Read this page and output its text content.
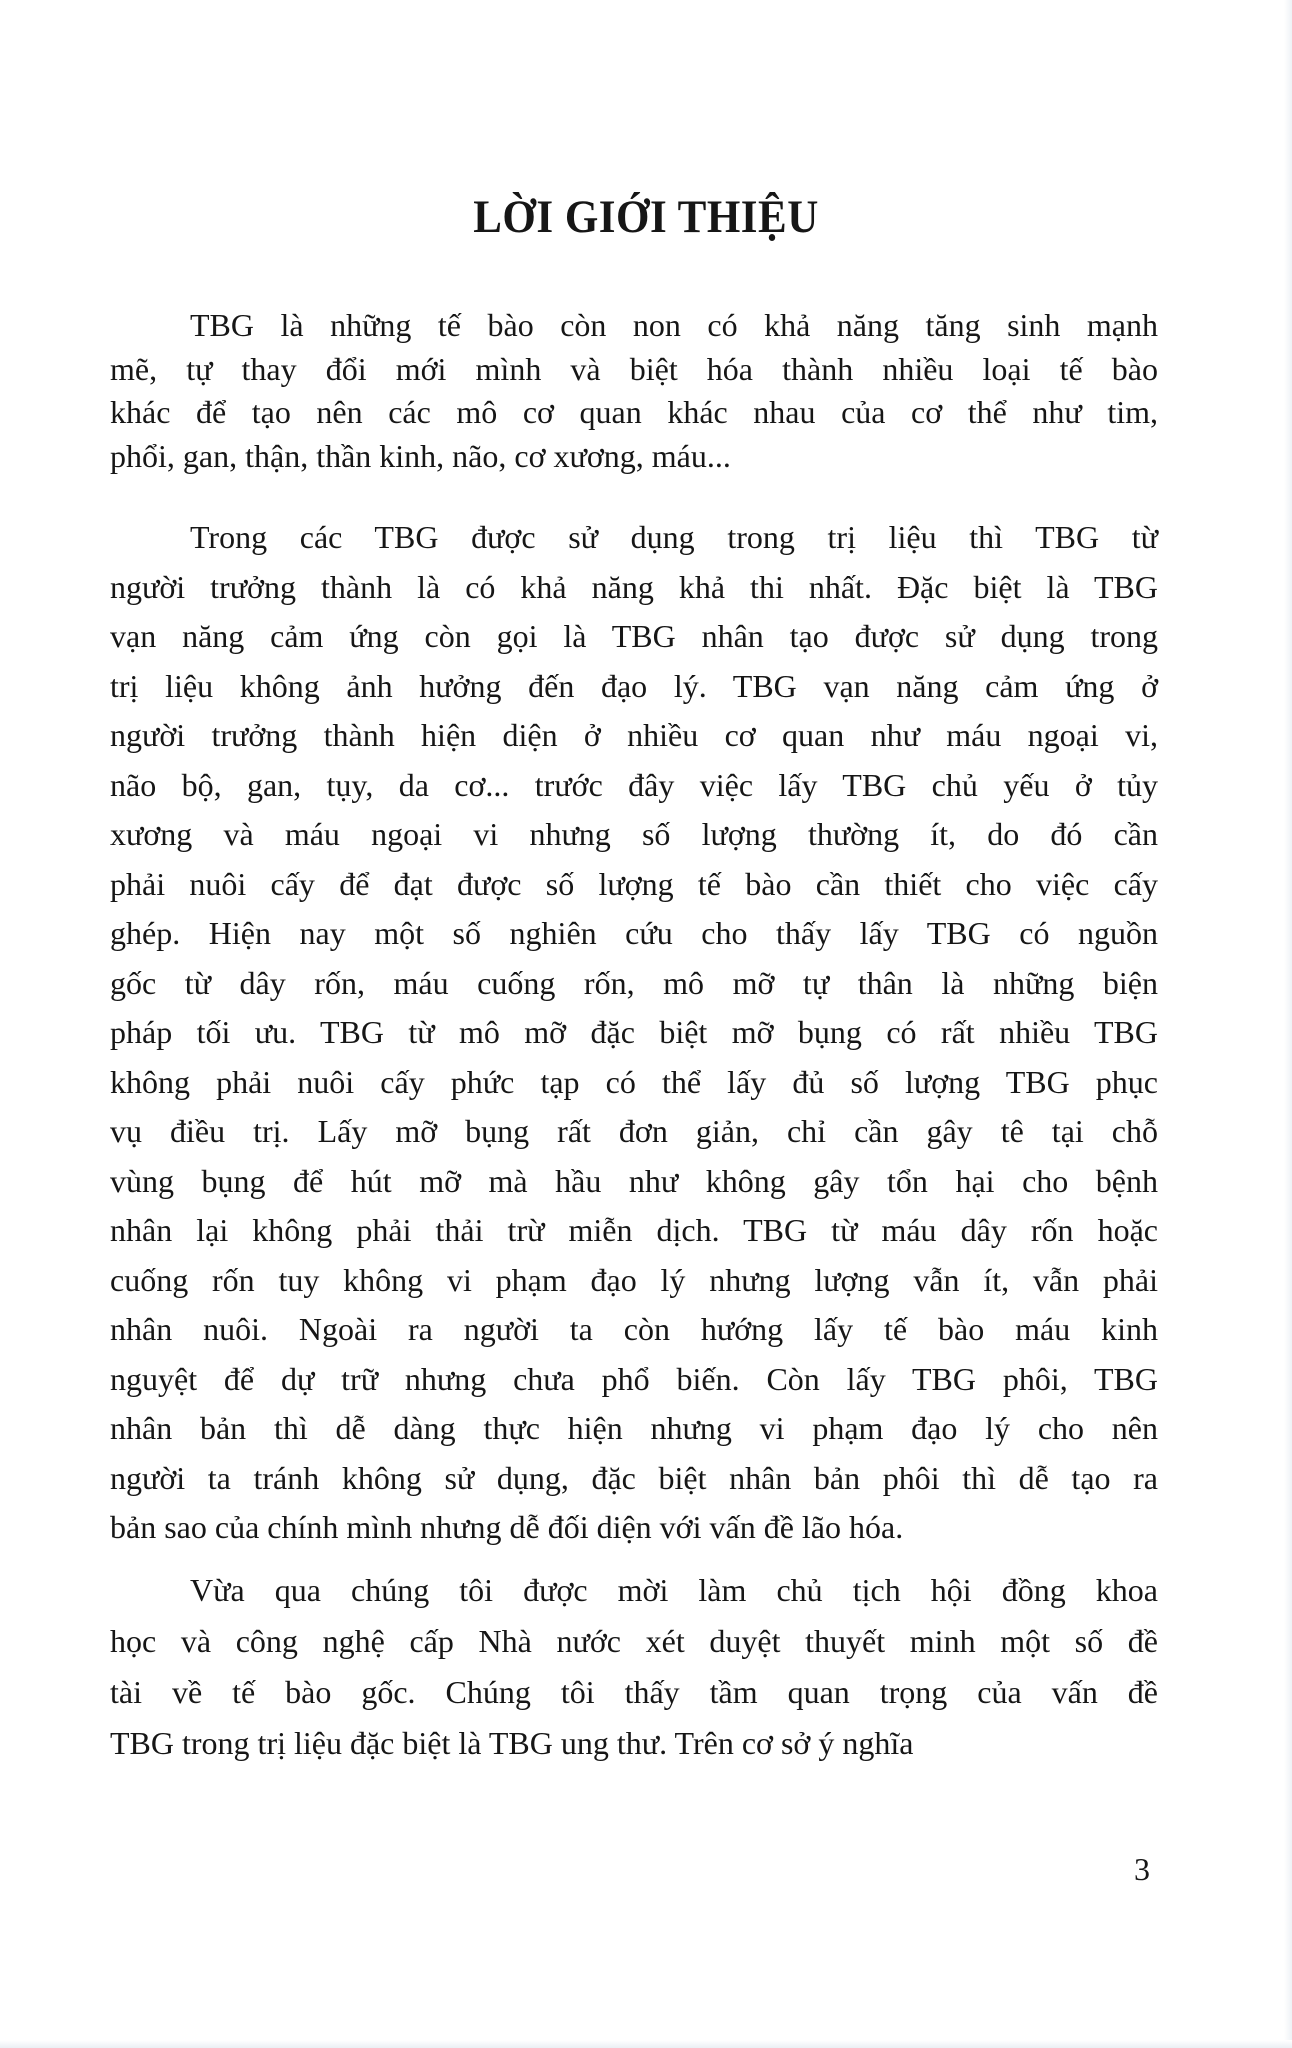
LỜI GIỚI THIỆU
TBG là những tế bào còn non có khả năng tăng sinh mạnh
mẽ, tự thay đổi mới mình và biệt hóa thành nhiều loại tế bào
khác để tạo nên các mô cơ quan khác nhau của cơ thể như tim,
phổi, gan, thận, thần kinh, não, cơ xương, máu...
Trong các TBG được sử dụng trong trị liệu thì TBG từ
người trưởng thành là có khả năng khả thi nhất. Đặc biệt là TBG
vạn năng cảm ứng còn gọi là TBG nhân tạo được sử dụng trong
trị liệu không ảnh hưởng đến đạo lý. TBG vạn năng cảm ứng ở
người trưởng thành hiện diện ở nhiều cơ quan như máu ngoại vi,
não bộ, gan, tụy, da cơ... trước đây việc lấy TBG chủ yếu ở tủy
xương và máu ngoại vi nhưng số lượng thường ít, do đó cần
phải nuôi cấy để đạt được số lượng tế bào cần thiết cho việc cấy
ghép. Hiện nay một số nghiên cứu cho thấy lấy TBG có nguồn
gốc từ dây rốn, máu cuống rốn, mô mỡ tự thân là những biện
pháp tối ưu. TBG từ mô mỡ đặc biệt mỡ bụng có rất nhiều TBG
không phải nuôi cấy phức tạp có thể lấy đủ số lượng TBG phục
vụ điều trị. Lấy mỡ bụng rất đơn giản, chỉ cần gây tê tại chỗ
vùng bụng để hút mỡ mà hầu như không gây tổn hại cho bệnh
nhân lại không phải thải trừ miễn dịch. TBG từ máu dây rốn hoặc
cuống rốn tuy không vi phạm đạo lý nhưng lượng vẫn ít, vẫn phải
nhân nuôi. Ngoài ra người ta còn hướng lấy tế bào máu kinh
nguyệt để dự trữ nhưng chưa phổ biến. Còn lấy TBG phôi, TBG
nhân bản thì dễ dàng thực hiện nhưng vi phạm đạo lý cho nên
người ta tránh không sử dụng, đặc biệt nhân bản phôi thì dễ tạo ra
bản sao của chính mình nhưng dễ đối diện với vấn đề lão hóa.
Vừa qua chúng tôi được mời làm chủ tịch hội đồng khoa
học và công nghệ cấp Nhà nước xét duyệt thuyết minh một số đề
tài về tế bào gốc. Chúng tôi thấy tầm quan trọng của vấn đề
TBG trong trị liệu đặc biệt là TBG ung thư. Trên cơ sở ý nghĩa
3
